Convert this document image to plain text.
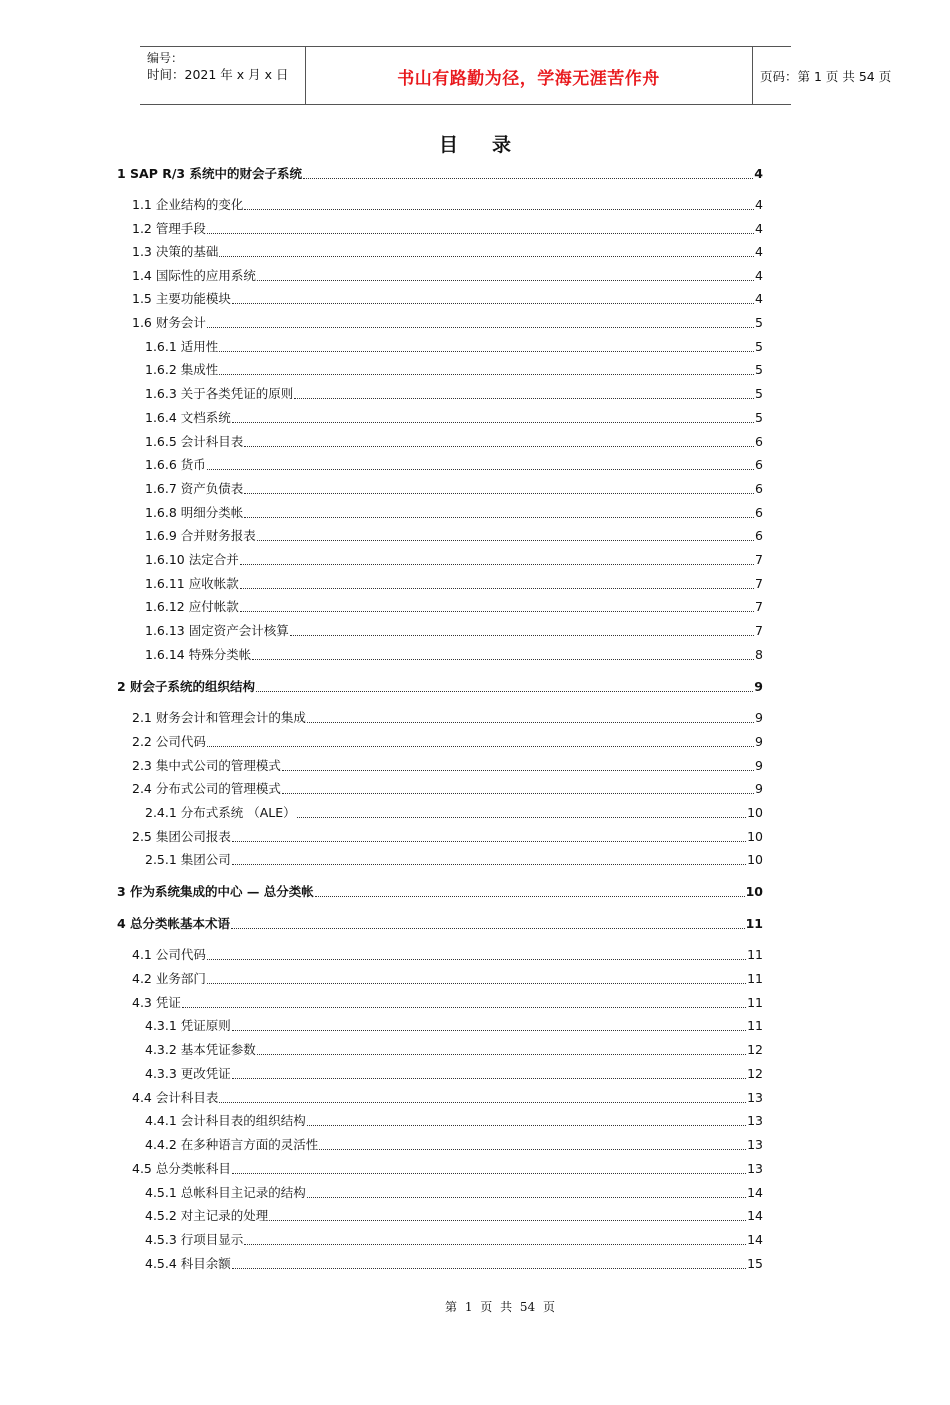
编号：
时间：2021 年 x 月 x 日	书山有路勤为径，学海无涯苦作舟	页码：第 1 页 共 54 页
目录
1 SAP R/3 系统中的财会子系统	4
1.1 企业结构的变化	4
1.2 管理手段	4
1.3 决策的基础	4
1.4 国际性的应用系统	4
1.5 主要功能模块	4
1.6 财务会计	5
1.6.1 适用性	5
1.6.2 集成性	5
1.6.3 关于各类凭证的原则	5
1.6.4 文档系统	5
1.6.5 会计科目表	6
1.6.6 货币	6
1.6.7 资产负债表	6
1.6.8 明细分类帐	6
1.6.9 合并财务报表	6
1.6.10 法定合并	7
1.6.11 应收帐款	7
1.6.12 应付帐款	7
1.6.13 固定资产会计核算	7
1.6.14 特殊分类帐	8
2 财会子系统的组织结构	9
2.1 财务会计和管理会计的集成	9
2.2 公司代码	9
2.3 集中式公司的管理模式	9
2.4 分布式公司的管理模式	9
2.4.1 分布式系统 （ALE）	10
2.5 集团公司报表	10
2.5.1 集团公司	10
3 作为系统集成的中心 — 总分类帐	10
4 总分类帐基本术语	11
4.1 公司代码	11
4.2 业务部门	11
4.3 凭证	11
4.3.1 凭证原则	11
4.3.2 基本凭证参数	12
4.3.3 更改凭证	12
4.4 会计科目表	13
4.4.1 会计科目表的组织结构	13
4.4.2 在多种语言方面的灵活性	13
4.5 总分类帐科目	13
4.5.1 总帐科目主记录的结构	14
4.5.2 对主记录的处理	14
4.5.3 行项目显示	14
4.5.4 科目余额	15
第 1 页 共 54 页
